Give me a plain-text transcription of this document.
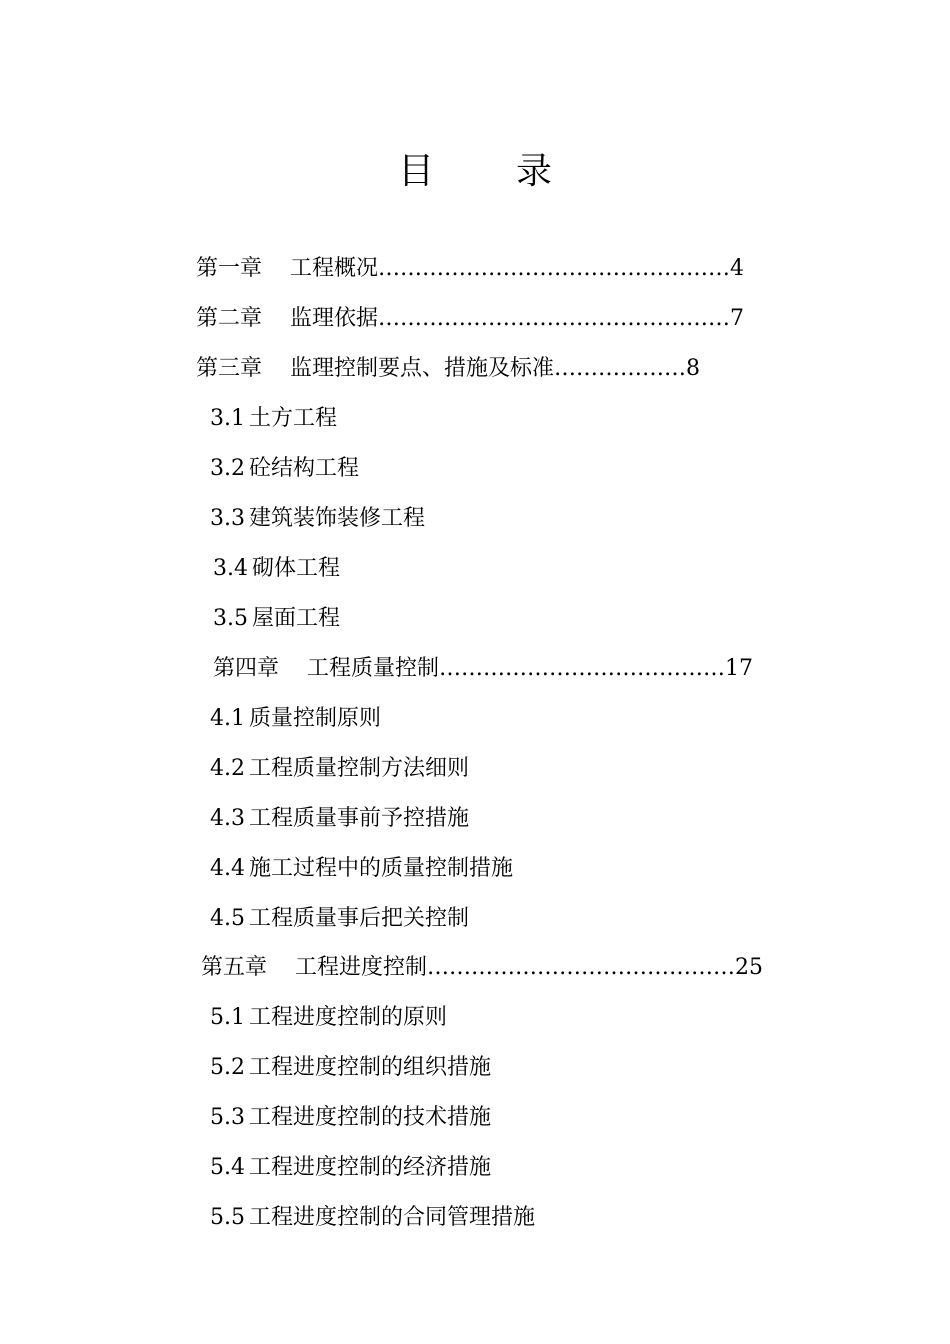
目 录
第一章 工程概况…………………………………………4
第二章 监理依据…………………………………………7
第三章 监理控制要点、措施及标准………………8
3.1 土方工程
3.2 砼结构工程
3.3 建筑装饰装修工程
3.4 砌体工程
3.5 屋面工程
第四章 工程质量控制…………………………………17
4.1 质量控制原则
4.2 工程质量控制方法细则
4.3 工程质量事前予控措施
4.4 施工过程中的质量控制措施
4.5 工程质量事后把关控制
第五章 工程进度控制……………………………………25
5.1 工程进度控制的原则
5.2 工程进度控制的组织措施
5.3 工程进度控制的技术措施
5.4 工程进度控制的经济措施
5.5 工程进度控制的合同管理措施
